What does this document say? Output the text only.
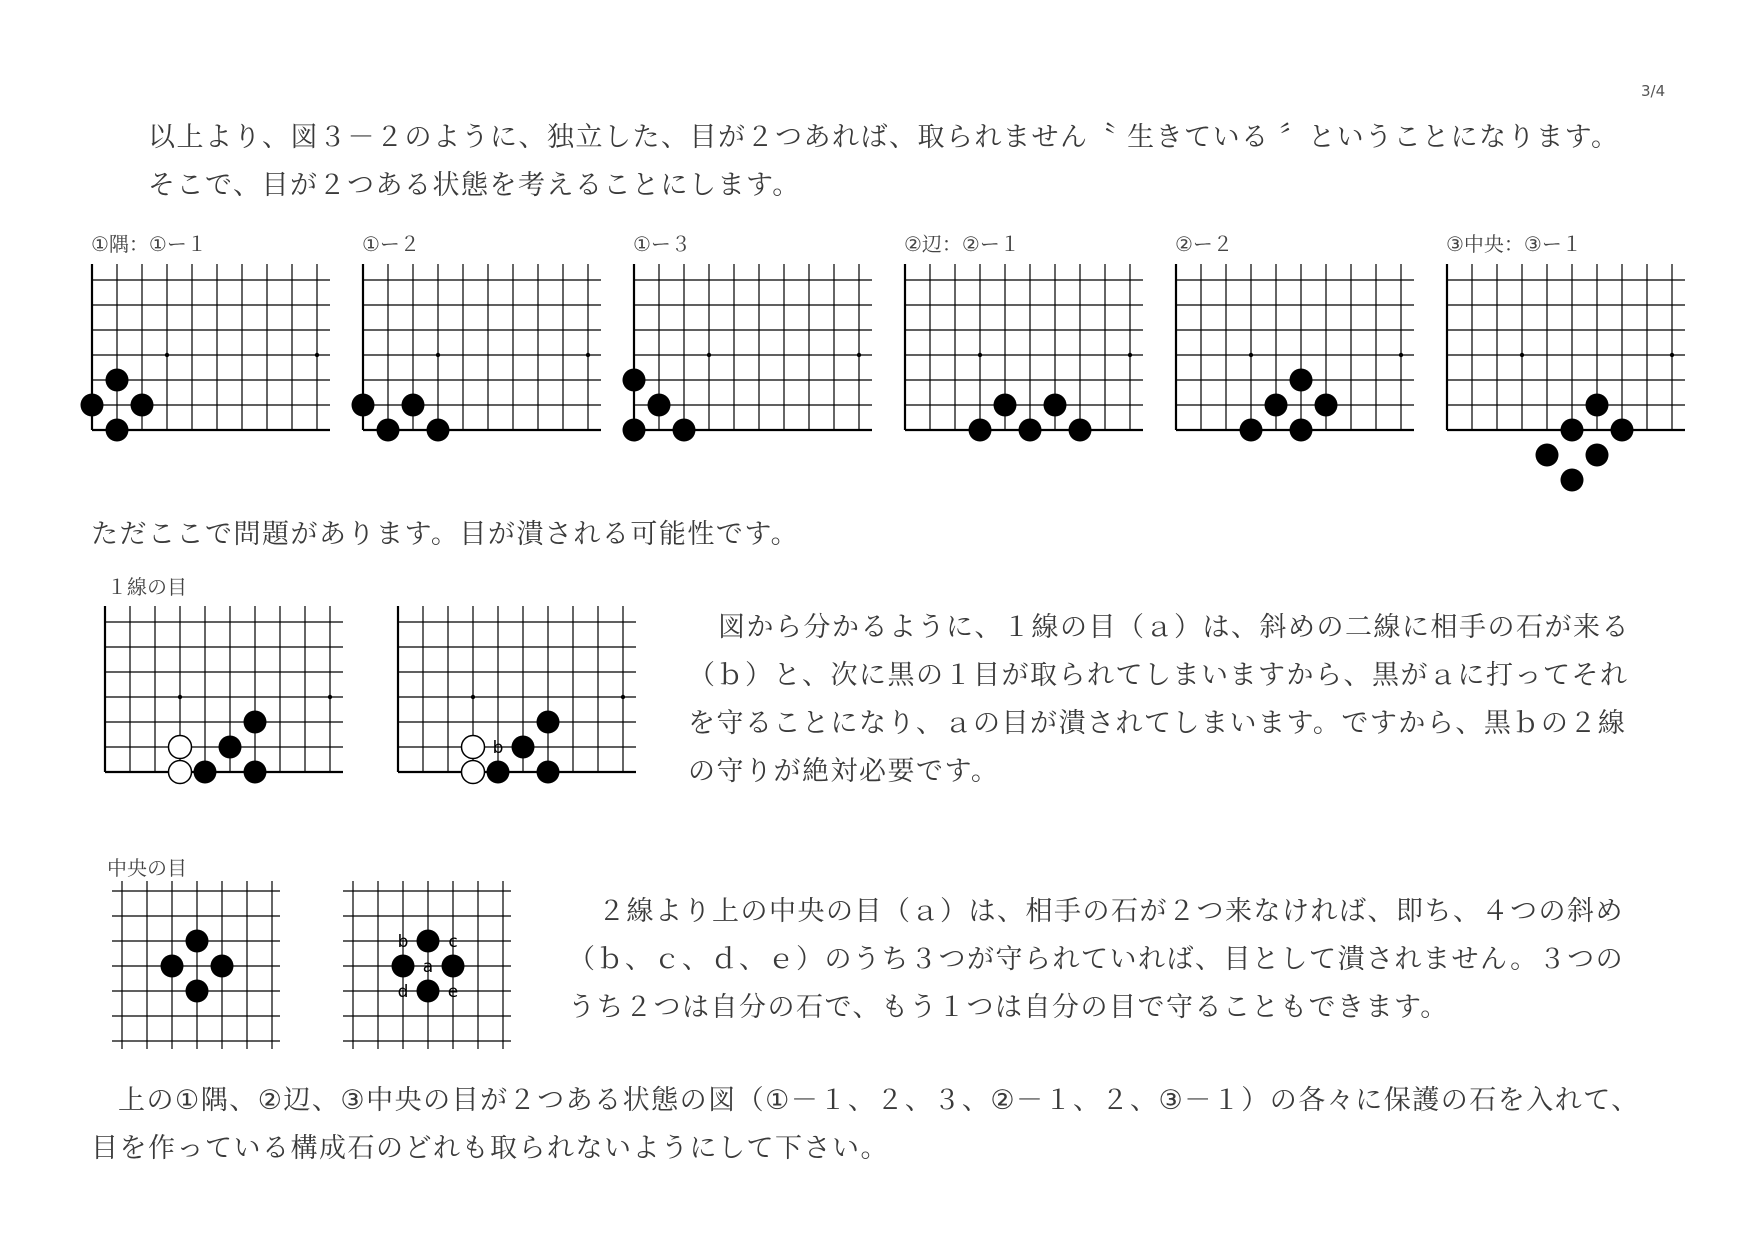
3/4
以上より、図３－２のように、独立した、目が２つあれば、取られません〝 生きている 〞ということになります。
そこで、目が２つある状態を考えることにします。
①隅：①ー１	①ー２	①ー３	②辺：②ー１	②ー２	③中央：③ー１
ただここで問題があります。目が潰される可能性です。
１線の目
b
a
図から分かるように、１線の目（ａ）は、斜めの二線に相手の石が来る
（ｂ）と、次に黒の１目が取られてしまいますから、黒がａに打ってそれ
を守ることになり、ａの目が潰されてしまいます。ですから、黒ｂの２線
の守りが絶対必要です。
中央の目
b c
a
d e
２線より上の中央の目（ａ）は、相手の石が２つ来なければ、即ち、４つの斜め
（ｂ、ｃ、ｄ、ｅ）のうち３つが守られていれば、目として潰されません。３つの
うち２つは自分の石で、もう１つは自分の目で守ることもできます。
上の①隅、②辺、③中央の目が２つある状態の図（①－１、２、３、②－１、２、③－１）の各々に保護の石を入れて、
目を作っている構成石のどれも取られないようにして下さい。
